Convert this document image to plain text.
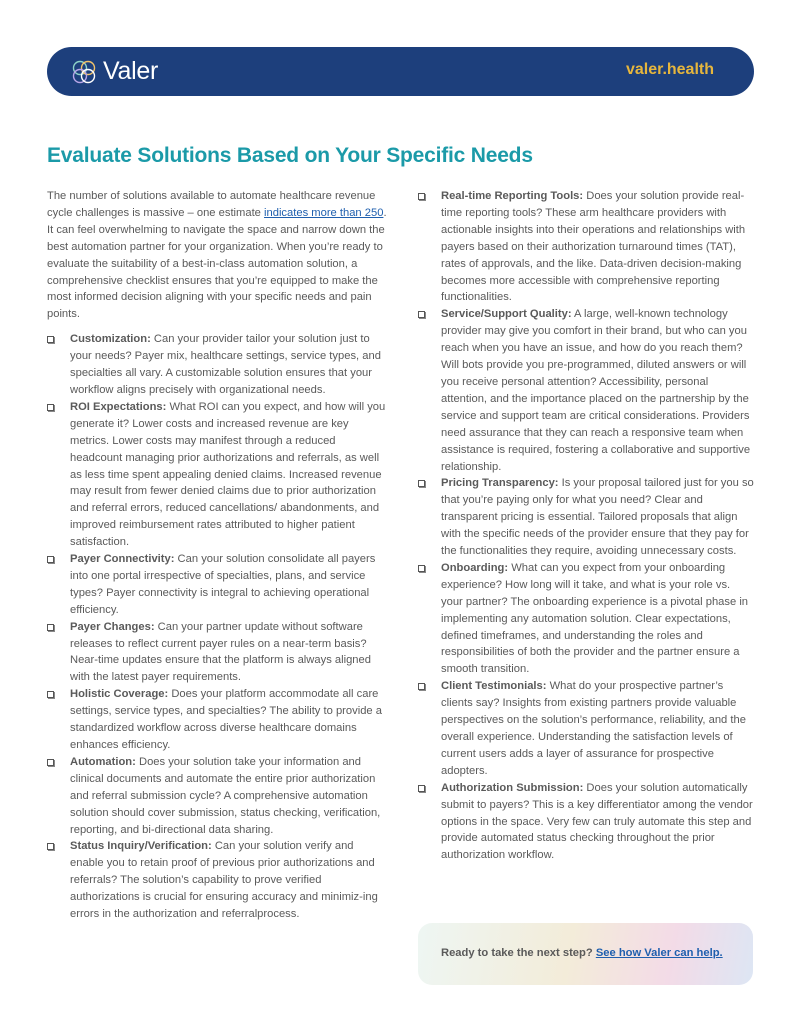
Valer	valer.health
Evaluate Solutions Based on Your Specific Needs

The number of solutions available to automate healthcare revenue cycle challenges is massive – one estimate indicates more than 250. It can feel overwhelming to navigate the space and narrow down the best automation partner for your organization. When you’re ready to evaluate the suitability of a best-in-class automation solution, a comprehensive checklist ensures that you’re equipped to make the most informed decision aligning with your specific needs and pain points.

Customization: Can your provider tailor your solution just to your needs? Payer mix, healthcare settings, service types, and specialties all vary. A customizable solution ensures that your workflow aligns precisely with organizational needs.
ROI Expectations: What ROI can you expect, and how will you generate it? Lower costs and increased revenue are key metrics. Lower costs may manifest through a reduced headcount managing prior authorizations and referrals, as well as less time spent appealing denied claims. Increased revenue may result from fewer denied claims due to prior authorization and referral errors, reduced cancellations/ abandonments, and improved reimbursement rates attributed to higher patient satisfaction.
Payer Connectivity: Can your solution consolidate all payers into one portal irrespective of specialties, plans, and service types? Payer connectivity is integral to achieving operational efficiency.
Payer Changes: Can your partner update without software releases to reflect current payer rules on a near-term basis? Near-time updates ensure that the platform is always aligned with the latest payer requirements.
Holistic Coverage: Does your platform accommodate all care settings, service types, and specialties? The ability to provide a standardized workflow across diverse healthcare domains enhances efficiency.
Automation: Does your solution take your information and clinical documents and automate the entire prior authorization and referral submission cycle? A comprehensive automation solution should cover submission, status checking, verification, reporting, and bi-directional data sharing.
Status Inquiry/Verification: Can your solution verify and enable you to retain proof of previous prior authorizations and referrals? The solution’s capability to prove verified authorizations is crucial for ensuring accuracy and minimiz-ing errors in the authorization and referralprocess.
Real-time Reporting Tools: Does your solution provide real-time reporting tools? These arm healthcare providers with actionable insights into their operations and relationships with payers based on their authorization turnaround times (TAT), rates of approvals, and the like. Data-driven decision-making becomes more accessible with comprehensive reporting functionalities.
Service/Support Quality: A large, well-known technology provider may give you comfort in their brand, but who can you reach when you have an issue, and how do you reach them? Will bots provide you pre-programmed, diluted answers or will you receive personal attention? Accessibility, personal attention, and the importance placed on the partnership by the service and support team are critical considerations. Providers need assurance that they can reach a responsive team when assistance is required, fostering a collaborative and supportive relationship.
Pricing Transparency: Is your proposal tailored just for you so that you’re paying only for what you need? Clear and transparent pricing is essential. Tailored proposals that align with the specific needs of the provider ensure that they pay for the functionalities they require, avoiding unnecessary costs.
Onboarding: What can you expect from your onboarding experience? How long will it take, and what is your role vs. your partner? The onboarding experience is a pivotal phase in implementing any automation solution. Clear expectations, defined timeframes, and understanding the roles and responsibilities of both the provider and the partner ensure a smooth transition.
Client Testimonials: What do your prospective partner’s clients say? Insights from existing partners provide valuable perspectives on the solution’s performance, reliability, and the overall experience. Understanding the satisfaction levels of current users adds a layer of assurance for prospective adopters.
Authorization Submission: Does your solution automatically submit to payers? This is a key differentiator among the vendor options in the space. Very few can truly automate this step and provide automated status checking throughout the prior authorization workflow.

Ready to take the next step? See how Valer can help.
